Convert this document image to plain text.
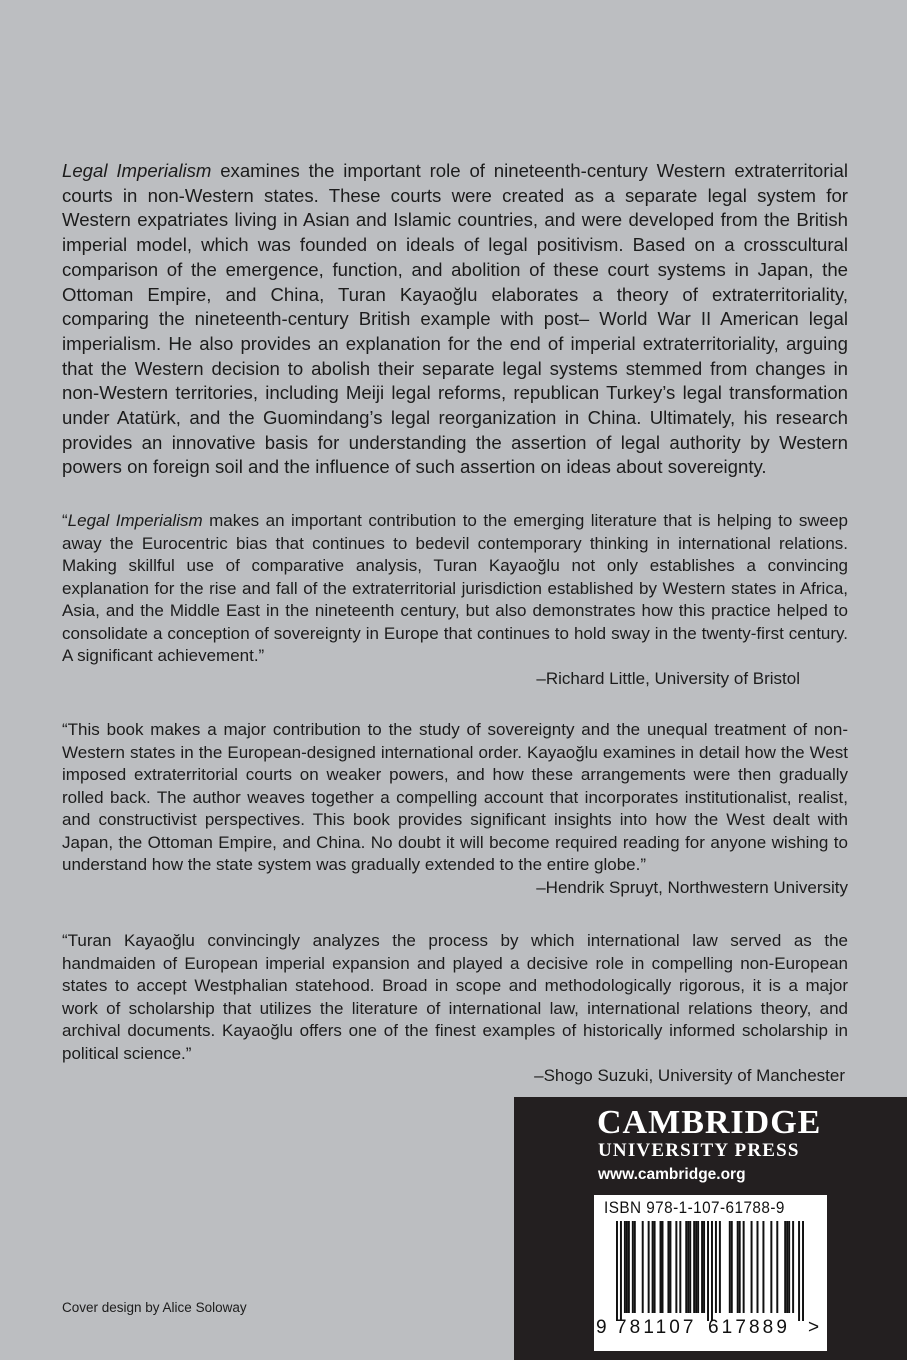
Legal Imperialism examines the important role of nineteenth-century Western extraterritorial courts in non-Western states. These courts were created as a separate legal system for Western expatriates living in Asian and Islamic countries, and were developed from the British imperial model, which was founded on ideals of legal positivism. Based on a crosscultural comparison of the emergence, function, and abolition of these court systems in Japan, the Ottoman Empire, and China, Turan Kayaoğlu elaborates a theory of extraterritoriality, comparing the nineteenth-century British example with post– World War II American legal imperialism. He also provides an explanation for the end of imperial extraterritoriality, arguing that the Western decision to abolish their separate legal systems stemmed from changes in non-Western territories, including Meiji legal reforms, republican Turkey’s legal transformation under Atatürk, and the Guomindang’s legal reorganization in China. Ultimately, his research provides an innovative basis for understanding the assertion of legal authority by Western powers on foreign soil and the influence of such assertion on ideas about sovereignty.

“Legal Imperialism makes an important contribution to the emerging literature that is helping to sweep away the Eurocentric bias that continues to bedevil contemporary thinking in international relations. Making skillful use of comparative analysis, Turan Kayaoğlu not only establishes a convincing explanation for the rise and fall of the extraterritorial jurisdiction established by Western states in Africa, Asia, and the Middle East in the nineteenth century, but also demonstrates how this practice helped to consolidate a conception of sovereignty in Europe that continues to hold sway in the twenty-first century. A significant achievement.”
–Richard Little, University of Bristol

“This book makes a major contribution to the study of sovereignty and the unequal treatment of non-Western states in the European-designed international order. Kayaoğlu examines in detail how the West imposed extraterritorial courts on weaker powers, and how these arrangements were then gradually rolled back. The author weaves together a compelling account that incorporates institutionalist, realist, and constructivist perspectives. This book provides significant insights into how the West dealt with Japan, the Ottoman Empire, and China. No doubt it will become required reading for anyone wishing to understand how the state system was gradually extended to the entire globe.”
–Hendrik Spruyt, Northwestern University

“Turan Kayaoğlu convincingly analyzes the process by which international law served as the handmaiden of European imperial expansion and played a decisive role in compelling non-European states to accept Westphalian statehood. Broad in scope and methodologically rigorous, it is a major work of scholarship that utilizes the literature of international law, international relations theory, and archival documents. Kayaoğlu offers one of the finest examples of historically informed scholarship in political science.”
–Shogo Suzuki, University of Manchester

CAMBRIDGE
UNIVERSITY PRESS
www.cambridge.org
ISBN 978-1-107-61788-9
9 781107 617889 >
Cover design by Alice Soloway
